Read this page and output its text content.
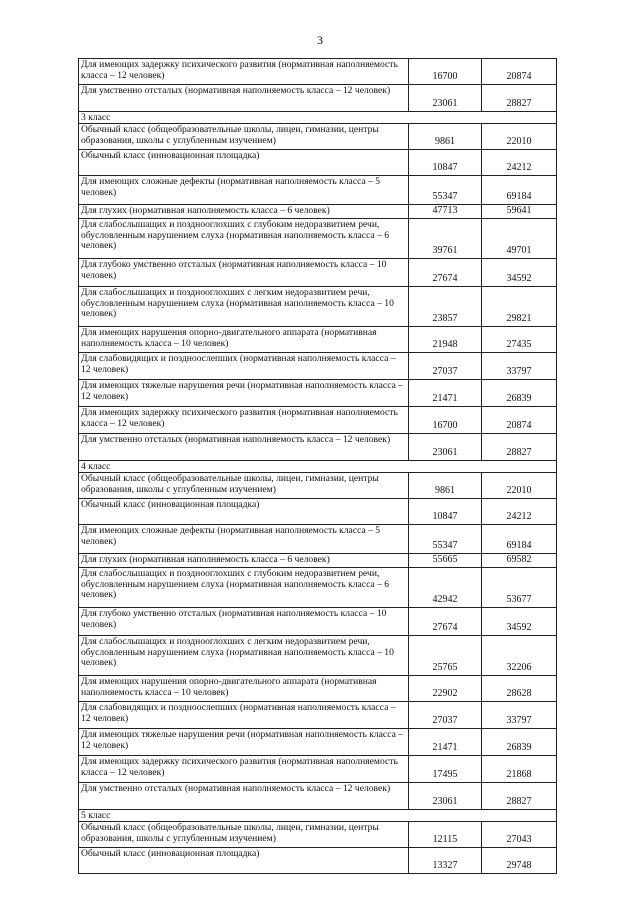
3
Для имеющих задержку психического развития (нормативная наполняемость класса – 12 человек)	16700	20874
Для умственно отсталых (нормативная наполняемость класса – 12 человек)	23061	28827
3 класс		
Обычный класс (общеобразовательные школы, лицеи, гимназии, центры образования, школы с углубленным изучением)	9861	22010
Обычный класс (инновационная площадка)	10847	24212
Для имеющих сложные дефекты (нормативная наполняемость класса – 5 человек)	55347	69184
Для глухих (нормативная наполняемость класса – 6 человек)	47713	59641
Для слабослышащих и позднооглохших с глубоким недоразвитием речи, обусловленным нарушением слуха (нормативная наполняемость класса – 6 человек)	39761	49701
Для глубоко умственно отсталых (нормативная наполняемость класса – 10 человек)	27674	34592
Для слабослышащих и позднооглохших с легким недоразвитием речи, обусловленным нарушением слуха (нормативная наполняемость класса – 10 человек)	23857	29821
Для имеющих нарушения опорно-двигательного аппарата (нормативная наполняемость класса – 10 человек)	21948	27435
Для слабовидящих и поздноослепших (нормативная наполняемость класса – 12 человек)	27037	33797
Для имеющих тяжелые нарушения речи (нормативная наполняемость класса – 12 человек)	21471	26839
Для имеющих задержку психического развития (нормативная наполняемость класса – 12 человек)	16700	20874
Для умственно отсталых (нормативная наполняемость класса – 12 человек)	23061	28827
4 класс		
Обычный класс (общеобразовательные школы, лицеи, гимназии, центры образования, школы с углубленным изучением)	9861	22010
Обычный класс (инновационная площадка)	10847	24212
Для имеющих сложные дефекты (нормативная наполняемость класса – 5 человек)	55347	69184
Для глухих (нормативная наполняемость класса – 6 человек)	55665	69582
Для слабослышащих и позднооглохших с глубоким недоразвитием речи, обусловленным нарушением слуха (нормативная наполняемость класса – 6 человек)	42942	53677
Для глубоко умственно отсталых (нормативная наполняемость класса – 10 человек)	27674	34592
Для слабослышащих и позднооглохших с легким недоразвитием речи, обусловленным нарушением слуха (нормативная наполняемость класса – 10 человек)	25765	32206
Для имеющих нарушения опорно-двигательного аппарата (нормативная наполняемость класса – 10 человек)	22902	28628
Для слабовидящих и поздноослепших (нормативная наполняемость класса – 12 человек)	27037	33797
Для имеющих тяжелые нарушения речи (нормативная наполняемость класса – 12 человек)	21471	26839
Для имеющих задержку психического развития (нормативная наполняемость класса – 12 человек)	17495	21868
Для умственно отсталых (нормативная наполняемость класса – 12 человек)	23061	28827
5 класс		
Обычный класс (общеобразовательные школы, лицеи, гимназии, центры образования, школы с углубленным изучением)	12115	27043
Обычный класс (инновационная площадка)	13327	29748
